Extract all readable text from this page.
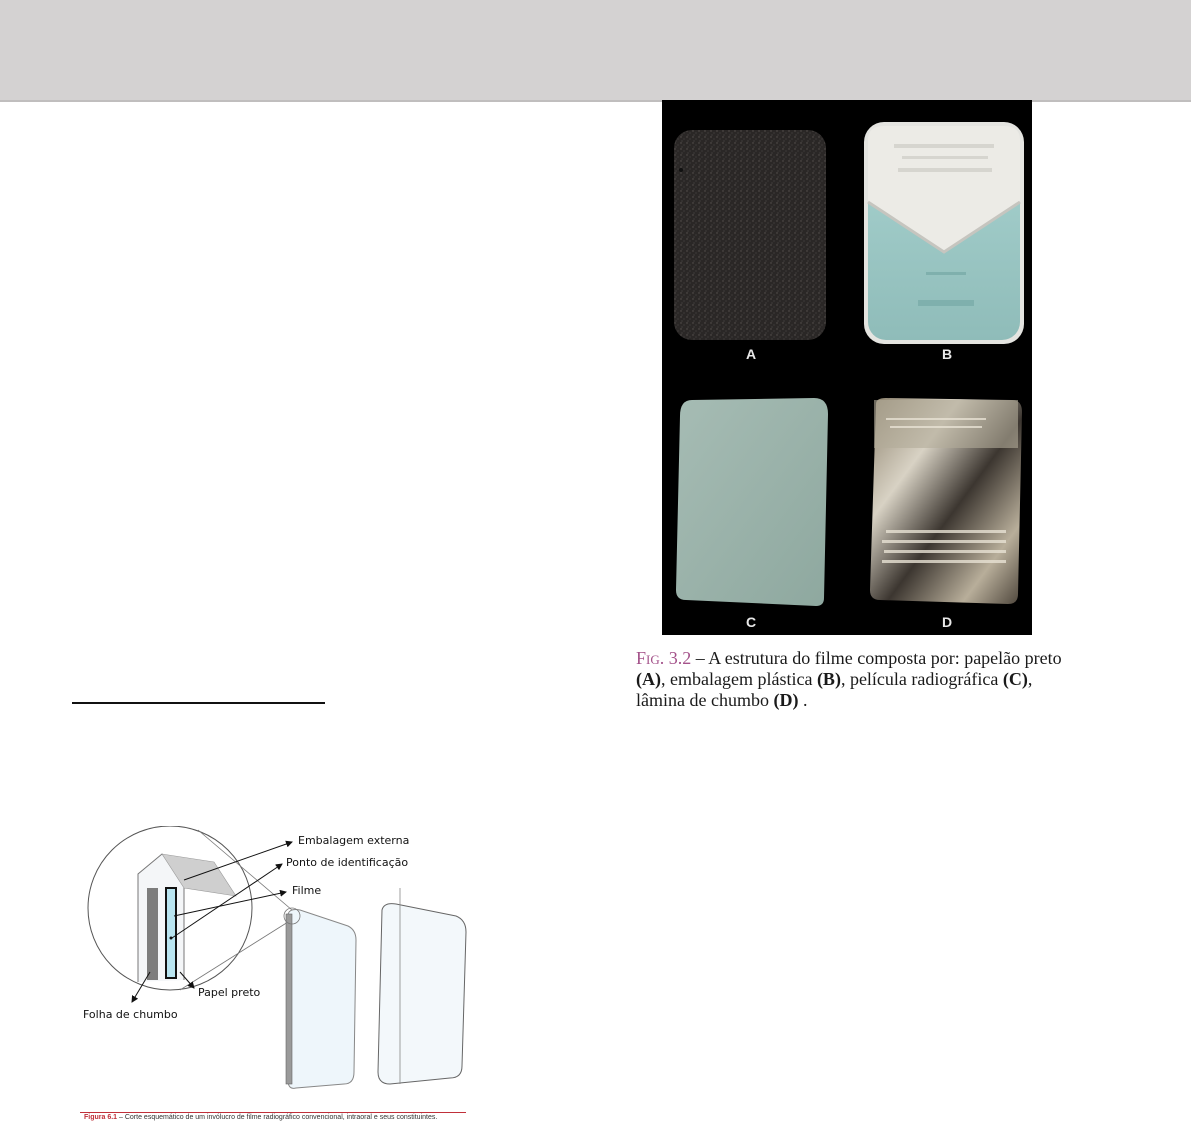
A	B
C	D
Fig. 3.2 – A estrutura do filme composta por: papelão preto (A), embalagem plástica (B), película radiográfica (C), lâmina de chumbo (D) .
Embalagem externa
Ponto de identificação
Filme
Papel preto
Folha de chumbo
Figura 6.1 – Corte esquemático de um invólucro de filme radiográfico convencional, intraoral e seus constituintes.
